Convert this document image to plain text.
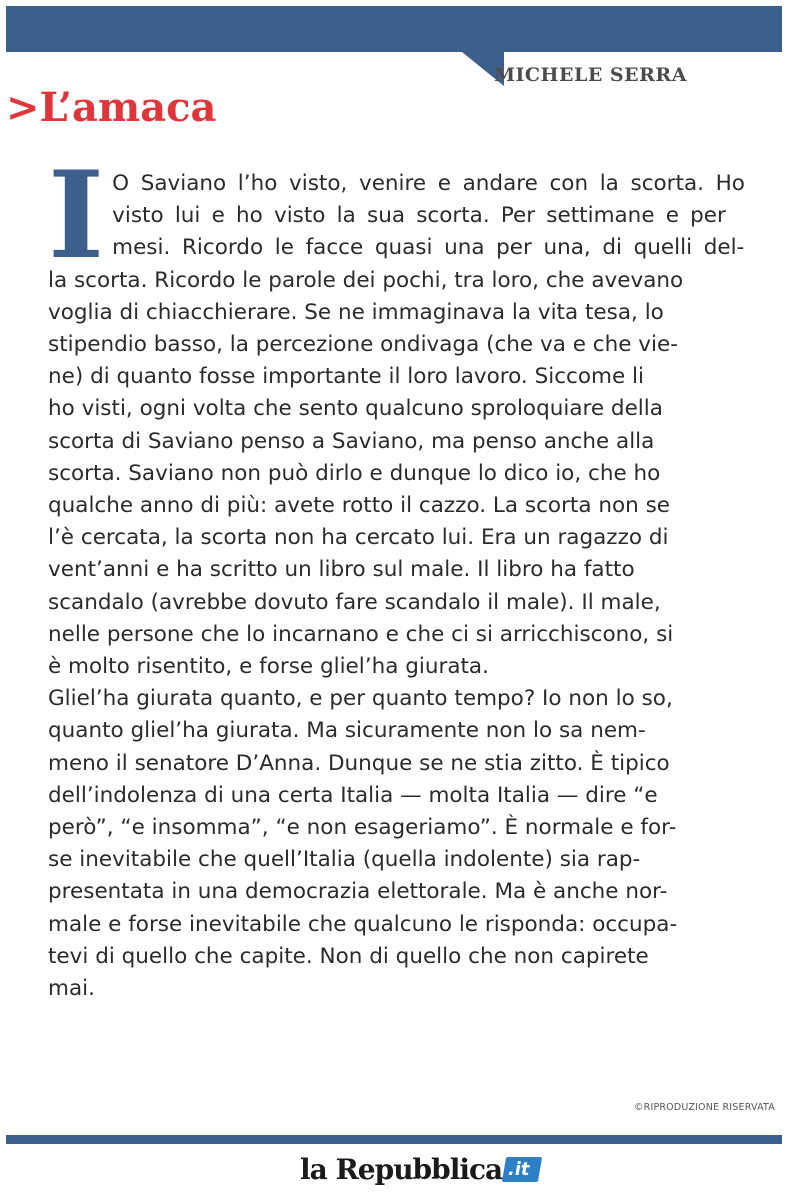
MICHELE SERRA
>L’amaca
I O Saviano l’ho visto, venire e andare con la scorta. Ho
visto lui e ho visto la sua scorta. Per settimane e per
mesi. Ricordo le facce quasi una per una, di quelli del-
la scorta. Ricordo le parole dei pochi, tra loro, che avevano
voglia di chiacchierare. Se ne immaginava la vita tesa, lo
stipendio basso, la percezione ondivaga (che va e che vie-
ne) di quanto fosse importante il loro lavoro. Siccome li
ho visti, ogni volta che sento qualcuno sproloquiare della
scorta di Saviano penso a Saviano, ma penso anche alla
scorta. Saviano non può dirlo e dunque lo dico io, che ho
qualche anno di più: avete rotto il cazzo. La scorta non se
l’è cercata, la scorta non ha cercato lui. Era un ragazzo di
vent’anni e ha scritto un libro sul male. Il libro ha fatto
scandalo (avrebbe dovuto fare scandalo il male). Il male,
nelle persone che lo incarnano e che ci si arricchiscono, si
è molto risentito, e forse gliel’ha giurata.
Gliel’ha giurata quanto, e per quanto tempo? Io non lo so,
quanto gliel’ha giurata. Ma sicuramente non lo sa nem-
meno il senatore D’Anna. Dunque se ne stia zitto. È tipico
dell’indolenza di una certa Italia — molta Italia — dire “e
però”, “e insomma”, “e non esageriamo”. È normale e for-
se inevitabile che quell’Italia (quella indolente) sia rap-
presentata in una democrazia elettorale. Ma è anche nor-
male e forse inevitabile che qualcuno le risponda: occupa-
tevi di quello che capite. Non di quello che non capirete
mai.

©RIPRODUZIONE RISERVATA
la Repubblica .it
